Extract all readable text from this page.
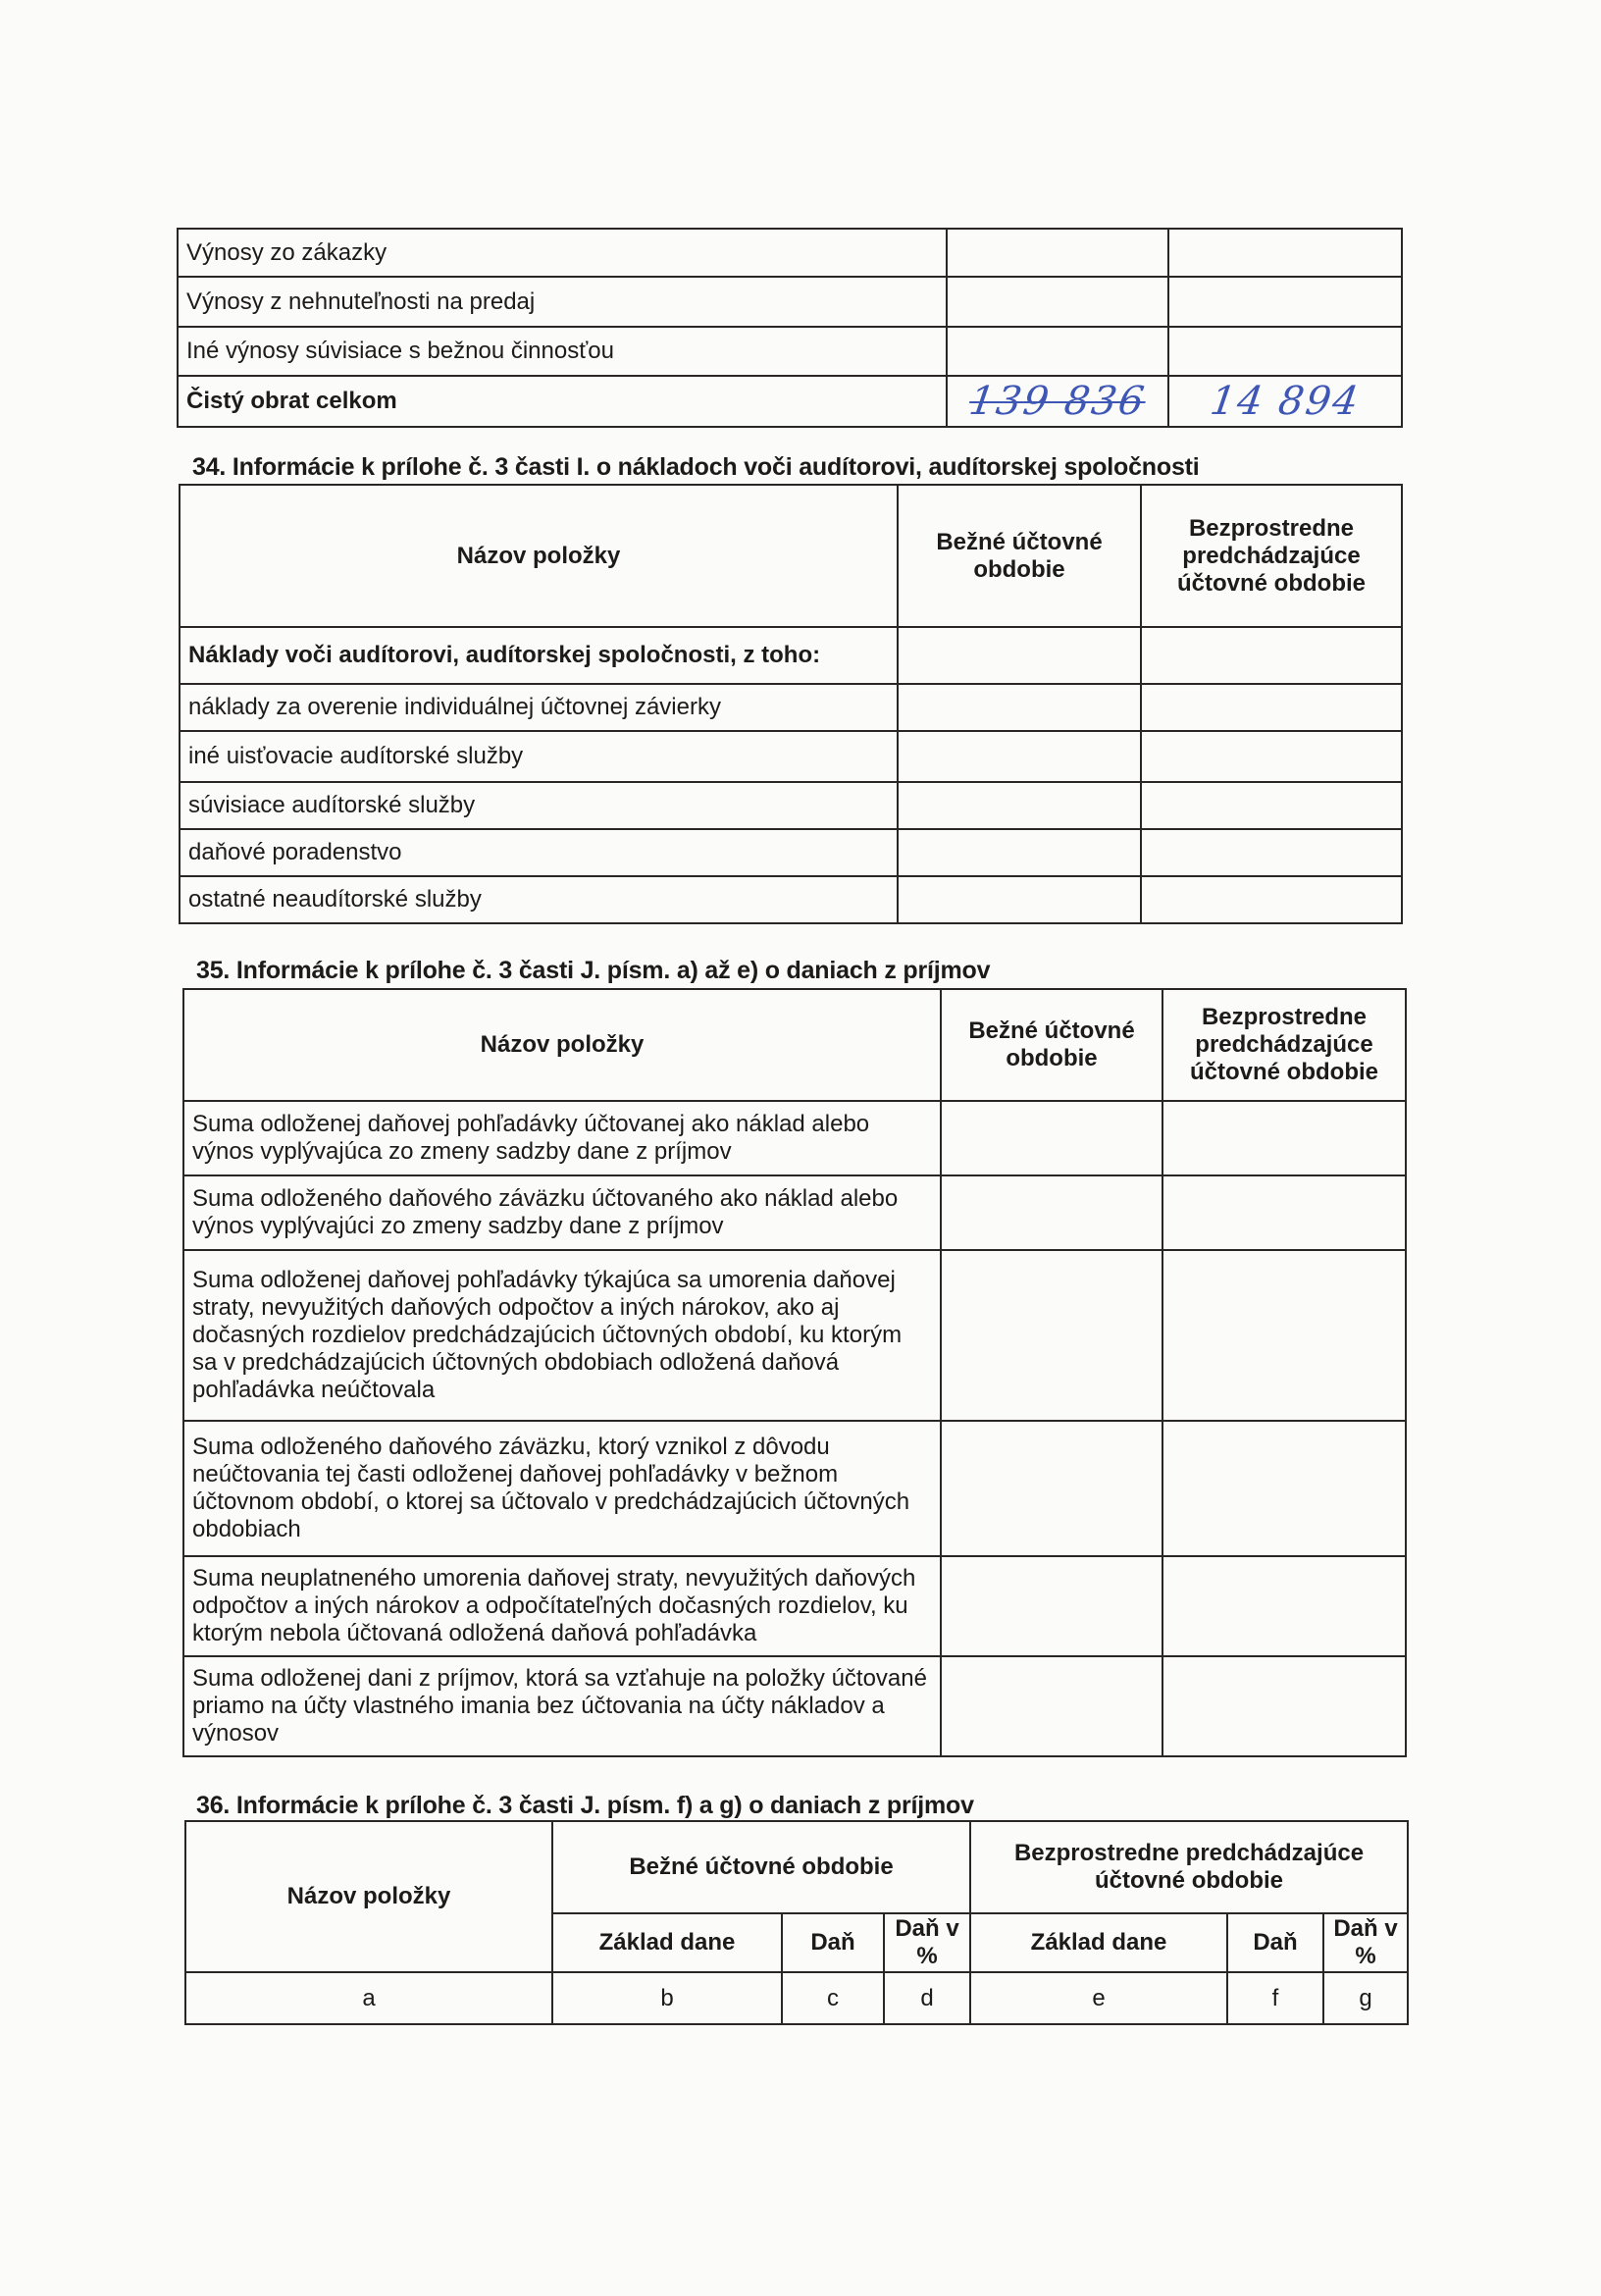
Výnosy zo zákazky		
Výnosy z nehnuteľnosti na predaj		
Iné výnosy súvisiace s bežnou činnosťou		
Čistý obrat celkom	139 836	14 894
34. Informácie k prílohe č. 3 časti I. o nákladoch voči audítorovi, audítorskej spoločnosti
Názov položky	Bežné účtovné obdobie	Bezprostredne predchádzajúce účtovné obdobie
Náklady voči audítorovi, audítorskej spoločnosti, z toho:		
náklady za overenie individuálnej účtovnej závierky		
iné uisťovacie audítorské služby		
súvisiace audítorské služby		
daňové poradenstvo		
ostatné neaudítorské služby		
35. Informácie k prílohe č. 3 časti J. písm. a) až e) o daniach z príjmov
Názov položky	Bežné účtovné obdobie	Bezprostredne predchádzajúce účtovné obdobie
Suma odloženej daňovej pohľadávky účtovanej ako náklad alebo výnos vyplývajúca zo zmeny sadzby dane z príjmov		
Suma odloženého daňového záväzku účtovaného ako náklad alebo výnos vyplývajúci zo zmeny sadzby dane z príjmov		
Suma odloženej daňovej pohľadávky týkajúca sa umorenia daňovej straty, nevyužitých daňových odpočtov a iných nárokov, ako aj dočasných rozdielov predchádzajúcich účtovných období, ku ktorým sa v predchádzajúcich účtovných obdobiach odložená daňová pohľadávka neúčtovala		
Suma odloženého daňového záväzku, ktorý vznikol z dôvodu neúčtovania tej časti odloženej daňovej pohľadávky v bežnom účtovnom období, o ktorej sa účtovalo v predchádzajúcich účtovných obdobiach		
Suma neuplatneného umorenia daňovej straty, nevyužitých daňových odpočtov a iných nárokov a odpočítateľných dočasných rozdielov, ku ktorým nebola účtovaná odložená daňová pohľadávka		
Suma odloženej dani z príjmov, ktorá sa vzťahuje na položky účtované priamo na účty vlastného imania bez účtovania na účty nákladov a výnosov		
36. Informácie k prílohe č. 3 časti J. písm. f) a g) o daniach z príjmov
Názov položky	Bežné účtovné obdobie			Bezprostredne predchádzajúce účtovné obdobie		
	Základ dane	Daň	Daň v %	Základ dane	Daň	Daň v %
a	b	c	d	e	f	g
